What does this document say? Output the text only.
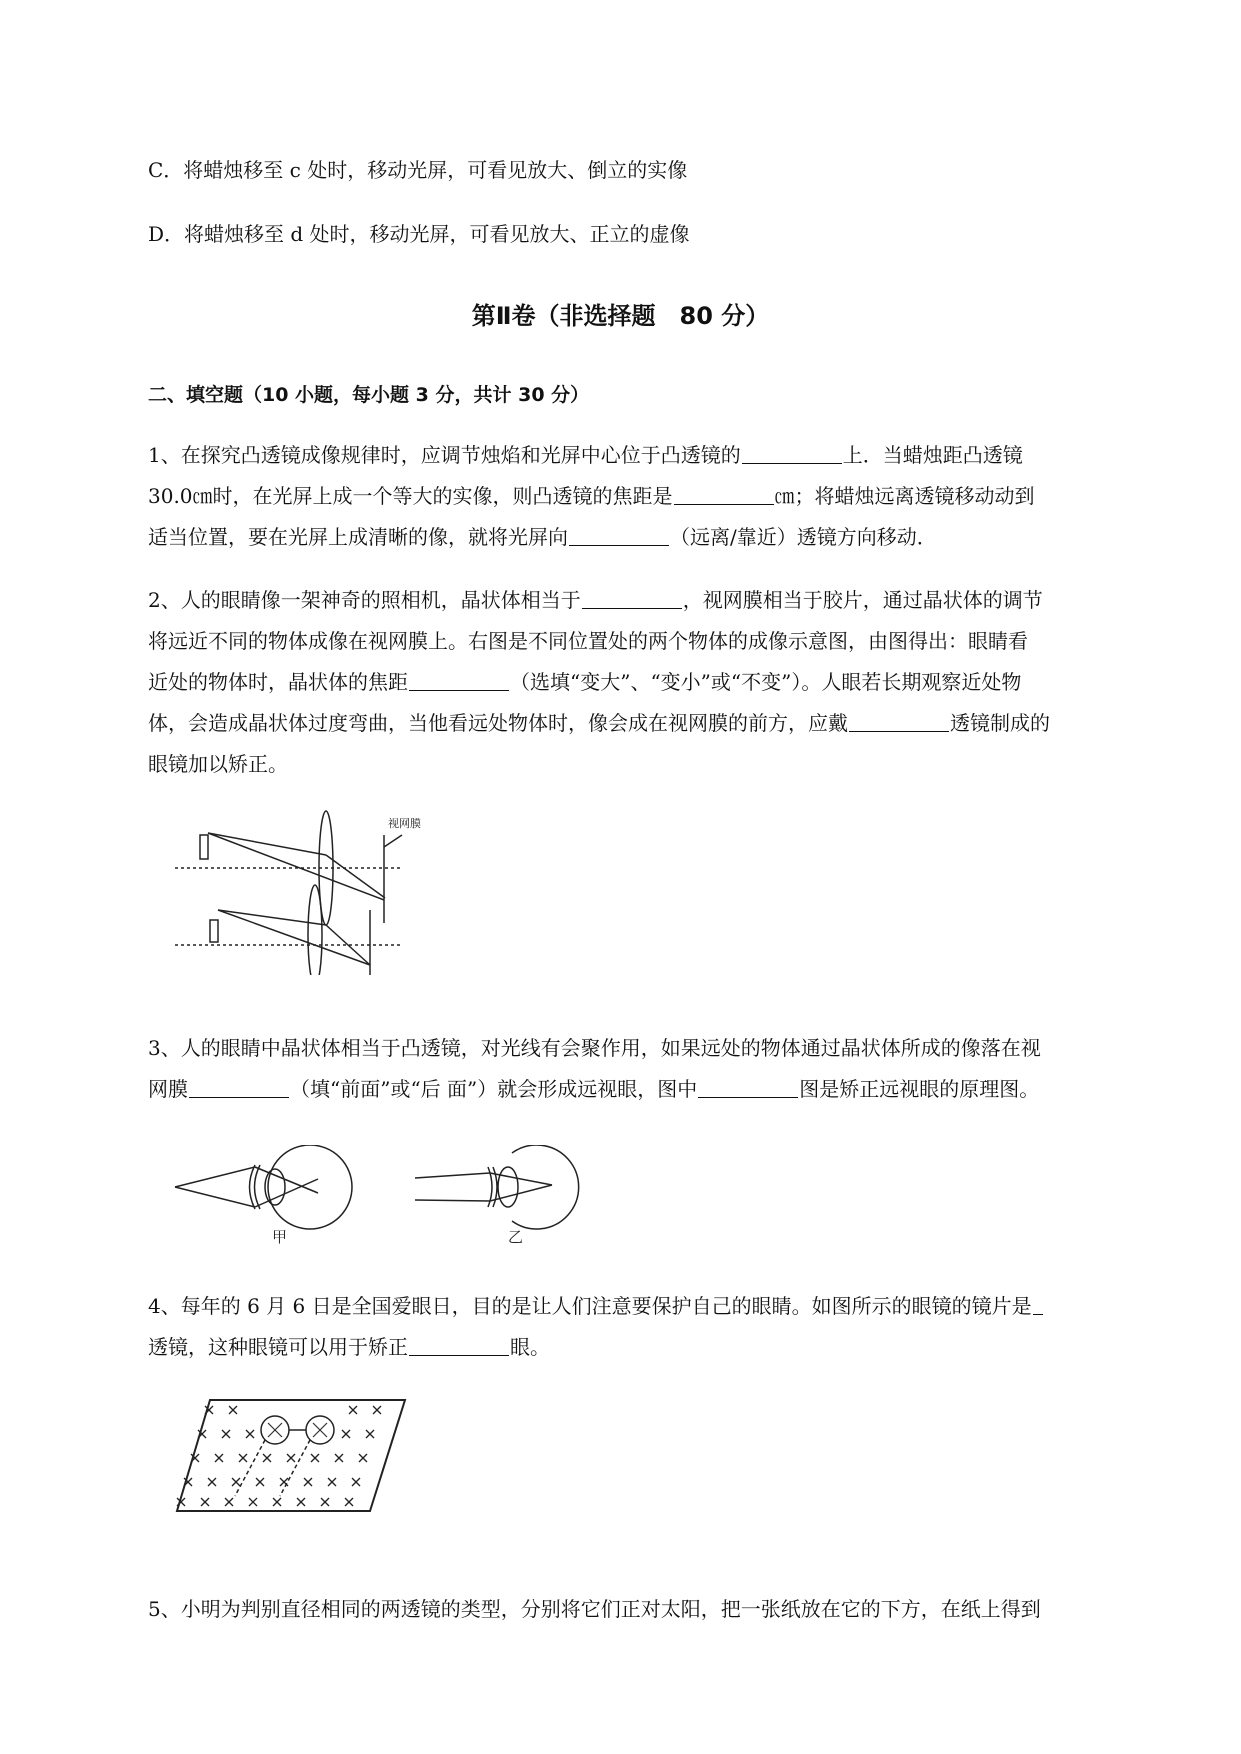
C．将蜡烛移至 c 处时，移动光屏，可看见放大、倒立的实像
D．将蜡烛移至 d 处时，移动光屏，可看见放大、正立的虚像
第Ⅱ卷（非选择题　80 分）
二、填空题（10 小题，每小题 3 分，共计 30 分）
1、在探究凸透镜成像规律时，应调节烛焰和光屏中心位于凸透镜的	上．当蜡烛距凸透镜
30.0㎝时，在光屏上成一个等大的实像，则凸透镜的焦距是	㎝；将蜡烛远离透镜移动动到
适当位置，要在光屏上成清晰的像，就将光屏向	（远离/靠近）透镜方向移动．
2、人的眼睛像一架神奇的照相机，晶状体相当于	，视网膜相当于胶片，通过晶状体的调节
将远近不同的物体成像在视网膜上。右图是不同位置处的两个物体的成像示意图，由图得出：眼睛看
近处的物体时，晶状体的焦距	（选填“变大”、“变小”或“不变”）。人眼若长期观察近处物
体，会造成晶状体过度弯曲，当他看远处物体时，像会成在视网膜的前方，应戴	透镜制成的
眼镜加以矫正。
视网膜
3、人的眼睛中晶状体相当于凸透镜，对光线有会聚作用，如果远处的物体通过晶状体所成的像落在视
网膜	（填“前面”或“后 面”）就会形成远视眼，图中	图是矫正远视眼的原理图。
甲	乙
4、每年的 6 月 6 日是全国爱眼日，目的是让人们注意要保护自己的眼睛。如图所示的眼镜的镜片是
透镜，这种眼镜可以用于矫正	眼。
5、小明为判别直径相同的两透镜的类型，分别将它们正对太阳，把一张纸放在它的下方，在纸上得到
